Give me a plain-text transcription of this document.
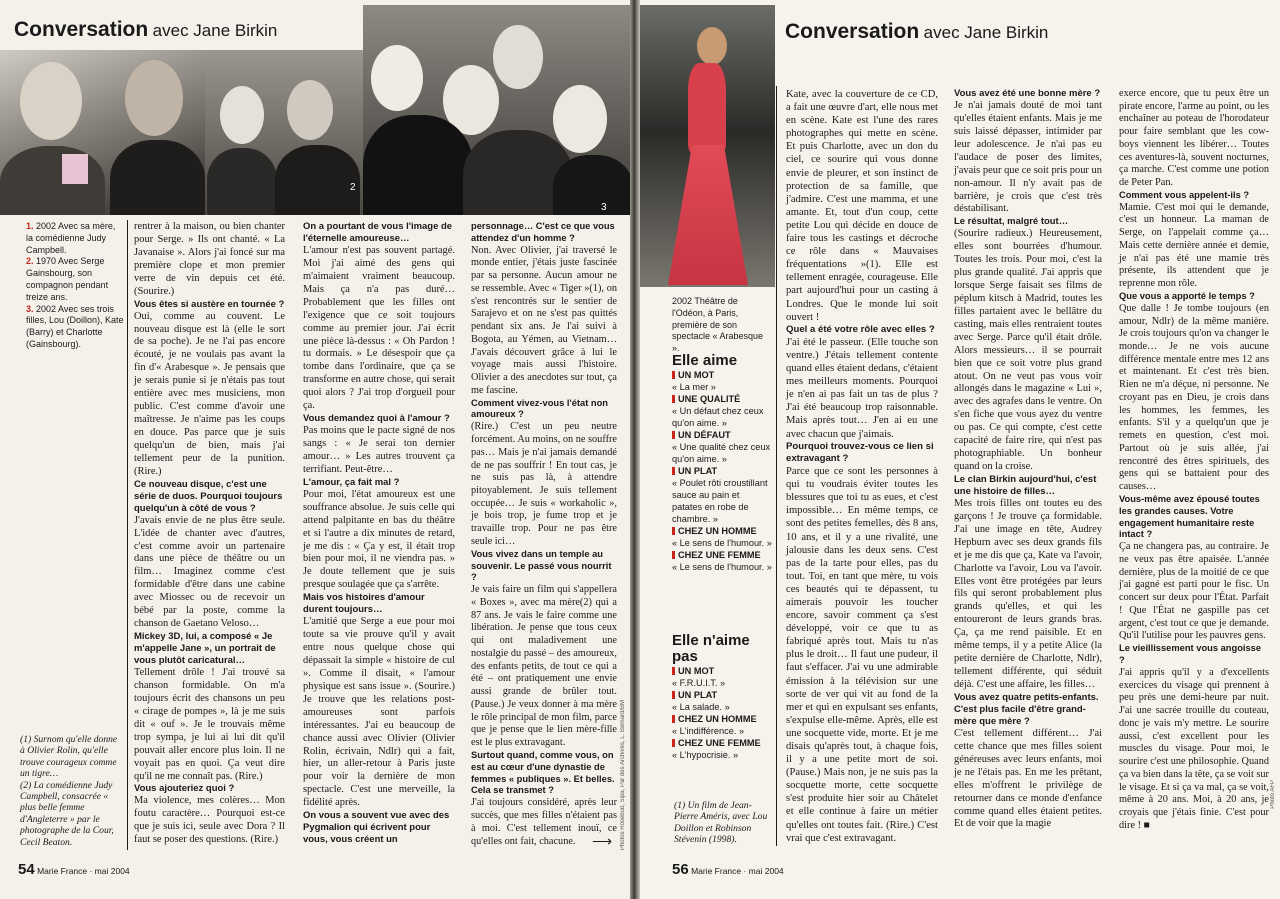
Conversation avec Jane Birkin
2
3
1. 2002 Avec sa mère, la comédienne Judy Campbell.
2. 1970 Avec Serge Gainsbourg, son compagnon pendant treize ans.
3. 2002 Avec ses trois filles, Lou (Doillon), Kate (Barry) et Charlotte (Gainsbourg).

(1) Surnom qu'elle donne à Olivier Rolin, qu'elle trouve courageux comme un tigre…

(2) La comédienne Judy Campbell, consacrée « plus belle femme d'Angleterre » par le photographe de la Cour, Cecil Beaton.

rentrer à la maison, ou bien chanter pour Serge. » Ils ont chanté. « La Javanaise ». Alors j'ai foncé sur ma première clope et mon premier verre de vin depuis cet été. (Sourire.)

Vous êtes si austère en tournée ?

Oui, comme au couvent. Le nouveau disque est là (elle le sort de sa poche). Je ne l'ai pas encore écouté, je ne voulais pas avant la fin d'« Arabesque ». Je pensais que je serais punie si je n'étais pas tout entière avec mes musiciens, mon public. C'est comme d'avoir une maîtresse. Je n'aime pas les coups en douce. Pas parce que je suis quelqu'un de bien, mais j'ai tellement peur de la punition. (Rire.)

Ce nouveau disque, c'est une série de duos. Pourquoi toujours quelqu'un à côté de vous ?

J'avais envie de ne plus être seule. L'idée de chanter avec d'autres, c'est comme avoir un partenaire dans une pièce de théâtre ou un film… Imaginez comme c'est formidable d'être dans une cabine avec Miossec ou de recevoir un bébé par la poste, comme la chanson de Gaetano Veloso…

Mickey 3D, lui, a composé « Je m'appelle Jane », un portrait de vous plutôt caricatural…

Tellement drôle ! J'ai trouvé sa chanson formidable. On m'a toujours écrit des chansons un peu « cirage de pompes », là je me suis dit « ouf ». Je le trouvais même trop sympa, je lui ai lui dit qu'il pouvait aller encore plus loin. Il ne voyait pas en quoi. Ça veut dire qu'il ne me connaît pas. (Rire.)

Vous ajouteriez quoi ?

Ma violence, mes colères… Mon foutu caractère… Pourquoi est-ce que je suis ici, seule avec Dora ? Il faut se poser des questions. (Rire.)

On a pourtant de vous l'image de l'éternelle amoureuse…

L'amour n'est pas souvent partagé. Moi j'ai aimé des gens qui m'aimaient vraiment beaucoup. Mais ça n'a pas duré… Probablement que les filles ont l'exigence que ce soit toujours comme au premier jour. J'ai écrit une pièce là-dessus : « Oh Pardon ! tu dormais. » Le désespoir que ça tombe dans l'ordinaire, que ça se transforme en autre chose, qui serait quoi alors ? J'ai trop d'orgueil pour ça.

Vous demandez quoi à l'amour ?

Pas moins que le pacte signé de nos sangs : « Je serai ton dernier amour… » Les autres trouvent ça terrifiant. Peut-être…

L'amour, ça fait mal ?

Pour moi, l'état amoureux est une souffrance absolue. Je suis celle qui attend palpitante en bas du théâtre et si l'autre a dix minutes de retard, je me dis : « Ça y est, il était trop bien pour moi, il ne viendra pas. » Je doute tellement que je suis presque soulagée que ça s'arrête.

Mais vos histoires d'amour durent toujours…

L'amitié que Serge a eue pour moi toute sa vie prouve qu'il y avait entre nous quelque chose qui dépassait la simple « histoire de cul ». Comme il disait, « l'amour physique est sans issue ». (Sourire.) Je trouve que les relations post-amoureuses sont parfois intéressantes. J'ai eu beaucoup de chance aussi avec Olivier (Olivier Rolin, écrivain, Ndlr) qui a fait, hier, un aller-retour à Paris juste pour voir la dernière de mon spectacle. C'est une merveille, la fidélité après.

On vous a souvent vue avec des Pygmalion qui écrivent pour vous, vous créent un

personnage… C'est ce que vous attendez d'un homme ?

Non. Avec Olivier, j'ai traversé le monde entier, j'étais juste fascinée par sa personne. Aucun amour ne se ressemble. Avec « Tiger »(1), on s'est rencontrés sur le sentier de Sarajevo et on ne s'est pas quittés pendant six ans. Je l'ai suivi à Bogota, au Yémen, au Vietnam… J'avais découvert grâce à lui le voyage mais aussi l'histoire. Olivier a des anecdotes sur tout, ça me fascine.

Comment vivez-vous l'état non amoureux ?

(Rire.) C'est un peu neutre forcément. Au moins, on ne souffre pas… Mais je n'ai jamais demandé de ne pas souffrir ! En tout cas, je ne suis pas là, à attendre pitoyablement. Je suis tellement occupée… Je suis « workaholic », je bois trop, je fume trop et je travaille trop. Pour ne pas être seule ici…

Vous vivez dans un temple au souvenir. Le passé vous nourrit ?

Je vais faire un film qui s'appellera « Boxes », avec ma mère(2) qui a 87 ans. Je vais le faire comme une libération. Je pense que tous ceux qui ont maladivement une nostalgie du passé – des amoureux, des enfants petits, de tout ce qui a été – ont pratiquement une envie aussi grande de brûler tout. (Pause.) Je veux donner à ma mère le rôle principal de mon film, parce que je pense que le lien mère-fille est le plus extravagant.

Surtout quand, comme vous, on est au cœur d'une dynastie de femmes « publiques ». Et belles. Cela se transmet ?

J'ai toujours considéré, après leur succès, que mes filles n'étaient pas à moi. C'est tellement inouï, ce qu'elles ont fait, chacune.	⟶ Photos Rosebud, Sipa, Par des Archives, L. Bernard/BM
54 Marie France · mai 2004
2002 Théâtre de l'Odéon, à Paris, première de son spectacle « Arabesque ».
Conversation avec Jane Birkin
Elle aime
UN MOT
« La mer »
UNE QUALITÉ
« Un défaut chez ceux qu'on aime. »
UN DÉFAUT
« Une qualité chez ceux qu'on aime. »
UN PLAT
« Poulet rôti croustillant sauce au pain et patates en robe de chambre. »
CHEZ UN HOMME
« Le sens de l'humour. »
CHEZ UNE FEMME
« Le sens de l'humour. »
Elle n'aime pas
UN MOT
« F.R.U.I.T. »
UN PLAT
« La salade. »
CHEZ UN HOMME
« L'indifférence. »
CHEZ UNE FEMME
« L'hypocrisie. »
(1) Un film de Jean-Pierre Améris, avec Lou Doillon et Robinson Stévenin (1998).

Kate, avec la couverture de ce CD, a fait une œuvre d'art, elle nous met en scène. Kate est l'une des rares photographes qui mette en scène. Et puis Charlotte, avec un don du ciel, ce sourire qui vous donne envie de pleurer, et son instinct de protection de sa famille, que j'admire. C'est une mamma, et une amante. Et, tout d'un coup, cette petite Lou qui décide en douce de faire tous les castings et décroche ce rôle dans « Mauvaises fréquentations »(1). Elle est tellement enragée, courageuse. Elle part aujourd'hui pour un casting à Londres. Que le monde lui soit ouvert !

Quel a été votre rôle avec elles ?

J'ai été le passeur. (Elle touche son ventre.) J'étais tellement contente quand elles étaient dedans, c'étaient mes meilleurs moments. Pourquoi je n'en ai pas fait un tas de plus ? J'ai été beaucoup trop raisonnable. Mais après tout… J'en ai eu une avec chacun que j'aimais.

Pourquoi trouvez-vous ce lien si extravagant ?

Parce que ce sont les personnes à qui tu voudrais éviter toutes les blessures que toi tu as eues, et c'est impossible… En même temps, ce sont des petites femelles, dès 8 ans, 10 ans, et il y a une rivalité, une jalousie dans les deux sens. C'est pas de la tarte pour elles, pas du tout. Toi, en tant que mère, tu vois ces beautés qui te dépassent, tu aimerais pouvoir les toucher encore, savoir comment ça s'est développé, voir ce que tu as fabriqué après tout. Mais tu n'as plus le droit… Il faut une pudeur, il faut s'effacer. J'ai vu une admirable émission à la télévision sur une sorte de ver qui vit au fond de la mer et qui en expulsant ses enfants, s'expulse elle-même. Après, elle est une socquette vide, morte. Et je me disais qu'après tout, à chaque fois, il y a une petite mort de soi. (Pause.) Mais non, je ne suis pas la socquette morte, cette socquette s'est produite hier soir au Châtelet et elle continue à faire un métier qu'elles ont toutes fait. (Rire.) C'est vrai que c'est extravagant.

Vous avez été une bonne mère ?

Je n'ai jamais douté de moi tant qu'elles étaient enfants. Mais je me suis laissé dépasser, intimider par leur adolescence. Je n'ai pas eu l'audace de poser des limites, j'avais peur que ce soit pris pour un non-amour. Il n'y avait pas de barrière, je crois que c'est très déstabilisant.

Le résultat, malgré tout…

(Sourire radieux.) Heureusement, elles sont bourrées d'humour. Toutes les trois. Pour moi, c'est la plus grande qualité. J'ai appris que lorsque Serge faisait ses films de péplum kitsch à Madrid, toutes les filles partaient avec le bellâtre du casting, mais elles rentraient toutes avec Serge. Parce qu'il était drôle. Alors messieurs… il se pourrait bien que ce soit votre plus grand atout. On ne veut pas vous voir allongés dans le magazine « Lui », avec des agrafes dans le ventre. On s'en fiche que vous ayez du ventre ou pas. Ce qui compte, c'est cette capacité de faire rire, qui n'est pas photographiable. Un bonheur quand on la croise.

Le clan Birkin aujourd'hui, c'est une histoire de filles…

Mes trois filles ont toutes eu des garçons ! Je trouve ça formidable. J'ai une image en tête, Audrey Hepburn avec ses deux grands fils et je me dis que ça, Kate va l'avoir, Charlotte va l'avoir, Lou va l'avoir. Elles vont être protégées par leurs fils qui seront probablement plus grands qu'elles, et qui les entoureront de leurs grands bras. Ça, ça me rend paisible. Et en même temps, il y a petite Alice (la petite dernière de Charlotte, Ndlr), tellement différente, qui séduit déjà. C'est une affaire, les filles…

Vous avez quatre petits-enfants. C'est plus facile d'être grand-mère que mère ?

C'est tellement différent… J'ai cette chance que mes filles soient généreuses avec leurs enfants, moi je ne l'étais pas. En me les prêtant, elles m'offrent le privilège de retourner dans ce monde d'enfance comme quand elles étaient petites. Et de voir que la magie

exerce encore, que tu peux être un pirate encore, l'arme au point, ou les enchaîner au poteau de l'horodateur pour faire semblant que les cow-boys viennent les libérer… Toutes ces aventures-là, souvent nocturnes, ça marche. C'est comme une potion de Peter Pan.

Comment vous appelent-ils ?

Mamie. C'est moi qui le demande, c'est un honneur. La maman de Serge, on l'appelait comme ça… Mais cette dernière année et demie, je n'ai pas été une mamie très présente, ils attendent que je reprenne mon rôle.

Que vous a apporté le temps ?

Que dalle ! Je tombe toujours (en amour, Ndlr) de la même manière. Je crois toujours qu'on va changer le monde… Je ne vois aucune différence mentale entre mes 12 ans et maintenant. Et c'est très bien. Rien ne m'a déçue, ni personne. Ne croyant pas en Dieu, je crois dans les hommes, les femmes, les enfants. S'il y a quelqu'un que je remets en question, c'est moi. Partout où je suis allée, j'ai rencontré des êtres spirituels, des gens qui se battaient pour des causes…

Vous-même avez épousé toutes les grandes causes. Votre engagement humanitaire reste intact ?

Ça ne changera pas, au contraire. Je ne veux pas être apaisée. L'année dernière, plus de la moitié de ce que j'ai gagné est parti pour le fisc. Un concert sur deux pour l'État. Parfait ! Que l'État ne gaspille pas cet argent, c'est tout ce que je demande. Qu'il l'utilise pour les pauvres gens.

Le vieillissement vous angoisse ?

J'ai appris qu'il y a d'excellents exercices du visage qui prennent à peu près une demi-heure par nuit. J'ai une sacrée trouille du couteau, donc je vais m'y mettre. Le sourire aussi, c'est excellent pour les muscles du visage. Pour moi, le sourire c'est une philosophie. Quand ça va bien dans la tête, ça se voit sur le visage. Et si ça va mal, ça se voit, même à 20 ans. Moi, à 20 ans, je croyais que j'étais finie. C'est pour dire ! ■

Photo AFP
56 Marie France · mai 2004
